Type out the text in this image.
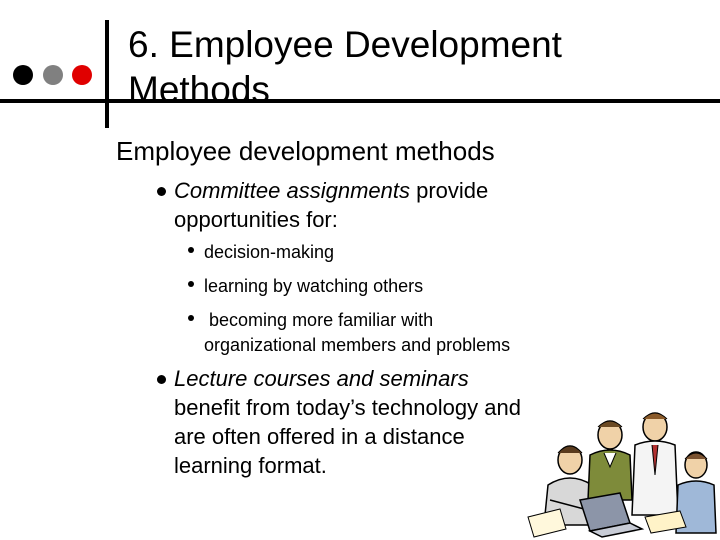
6. Employee Development
Methods
Employee development methods
Committee assignments provide
opportunities for:
decision-making
learning by watching others
becoming more familiar with
organizational members and problems
Lecture courses and seminars
benefit from today’s technology and
are often offered in a distance
learning format.
